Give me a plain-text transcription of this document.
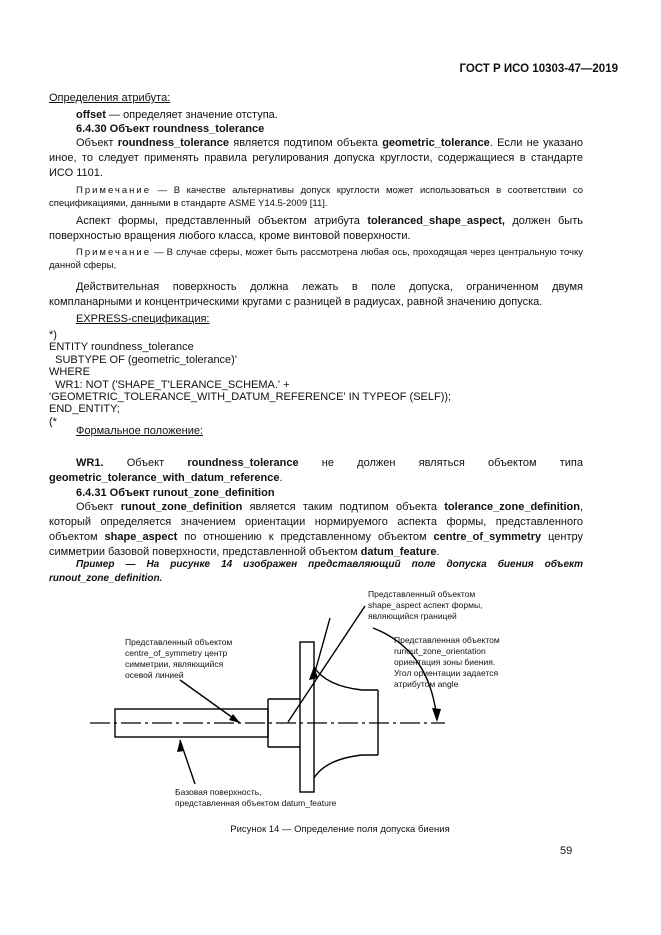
ГОСТ Р ИСО 10303-47—2019
Определения атрибута:
offset — определяет значение отступа.
6.4.30 Объект roundness_tolerance
Объект roundness_tolerance является подтипом объекта geometric_tolerance. Если не указано иное, то следует применять правила регулирования допуска круглости, содержащиеся в стандарте ИСО 1101.
Примечание — В качестве альтернативы допуск круглости может использоваться в соответствии со спецификациями, данными в стандарте ASME Y14.5-2009 [11].
Аспект формы, представленный объектом атрибута toleranced_shape_aspect, должен быть поверхностью вращения любого класса, кроме винтовой поверхности.
Примечание — В случае сферы, может быть рассмотрена любая ось, проходящая через центральную точку данной сферы,
Действительная поверхность должна лежать в поле допуска, ограниченном двумя компланарными и концентрическими кругами с разницей в радиусах, равной значению допуска.
EXPRESS-спецификация:
*)
ENTITY roundness_tolerance
SUBTYPE OF (geometric_tolerance)'
WHERE
WR1: NOT ('SHAPE_T'LERANCE_SCHEMA.' +
'GEOMETRIC_TOLERANCE_WITH_DATUM_REFERENCE' IN TYPEOF (SELF));
END_ENTITY;
(*
Формальное положение:
WR1. Объект roundness_tolerance не должен являться объектом типа geometric_tolerance_with_datum_reference.
6.4.31 Объект runout_zone_definition
Объект runout_zone_definition является таким подтипом объекта tolerance_zone_definition, который определяется значением ориентации нормируемого аспекта формы, представленного объектом shape_aspect по отношению к представленному объектом centre_of_symmetry центру симметрии базовой поверхности, представленной объектом datum_feature.
Пример — На рисунке 14 изображен представляющий поле допуска биения объект runout_zone_definition.
Представленный объектом
shape_aspect аспект формы,
являющийся границей
Представленный объектом
centre_of_symmetry центр
симметрии, являющийся
осевой линией
Представленная объектом
runout_zone_orientation
ориентация зоны биения.
Угол ориентации задается
атрибутом angle
Базовая поверхность,
представленная объектом datum_feature
Рисунок 14 — Определение поля допуска биения
59
